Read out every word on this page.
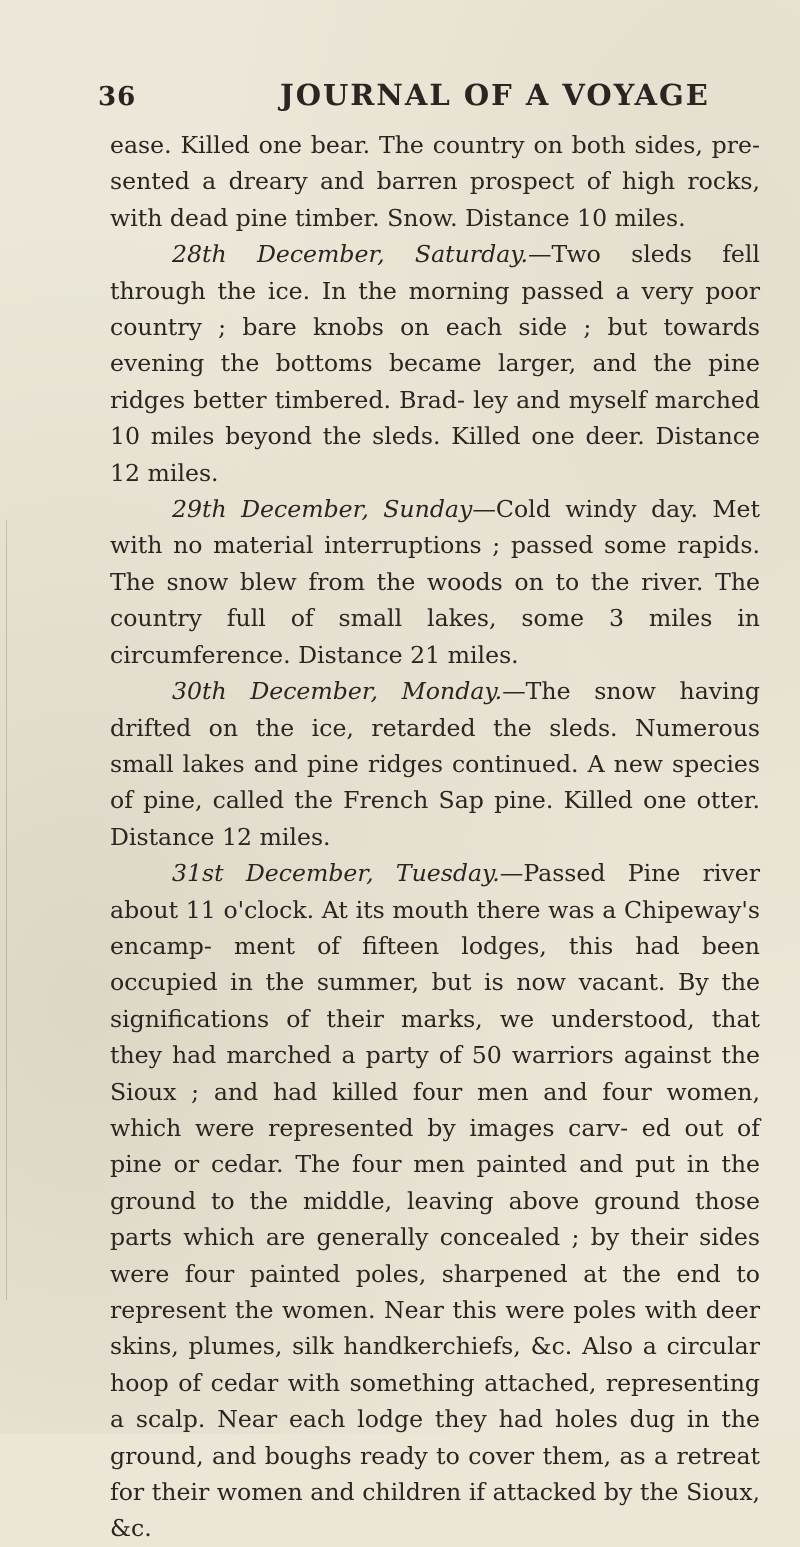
36	JOURNAL OF A VOYAGE

ease. Killed one bear. The country on both sides, pre- sented a dreary and barren prospect of high rocks, with dead pine timber. Snow. Distance 10 miles.

28th December, Saturday.—Two sleds fell through the ice. In the morning passed a very poor country ; bare knobs on each side ; but towards evening the bottoms became larger, and the pine ridges better timbered. Brad- ley and myself marched 10 miles beyond the sleds. Killed one deer. Distance 12 miles.

29th December, Sunday—Cold windy day. Met with no material interruptions ; passed some rapids. The snow blew from the woods on to the river. The country full of small lakes, some 3 miles in circumference. Distance 21 miles.

30th December, Monday.—The snow having drifted on the ice, retarded the sleds. Numerous small lakes and pine ridges continued. A new species of pine, called the French Sap pine. Killed one otter. Distance 12 miles.

31st December, Tuesday.—Passed Pine river about 11 o'clock. At its mouth there was a Chipeway's encamp- ment of fifteen lodges, this had been occupied in the summer, but is now vacant. By the significations of their marks, we understood, that they had marched a party of 50 warriors against the Sioux ; and had killed four men and four women, which were represented by images carv- ed out of pine or cedar. The four men painted and put in the ground to the middle, leaving above ground those parts which are generally concealed ; by their sides were four painted poles, sharpened at the end to represent the women. Near this were poles with deer skins, plumes, silk handkerchiefs, &c. Also a circular hoop of cedar with something attached, representing a scalp. Near each lodge they had holes dug in the ground, and boughs ready to cover them, as a retreat for their women and children if attacked by the Sioux, &c.
